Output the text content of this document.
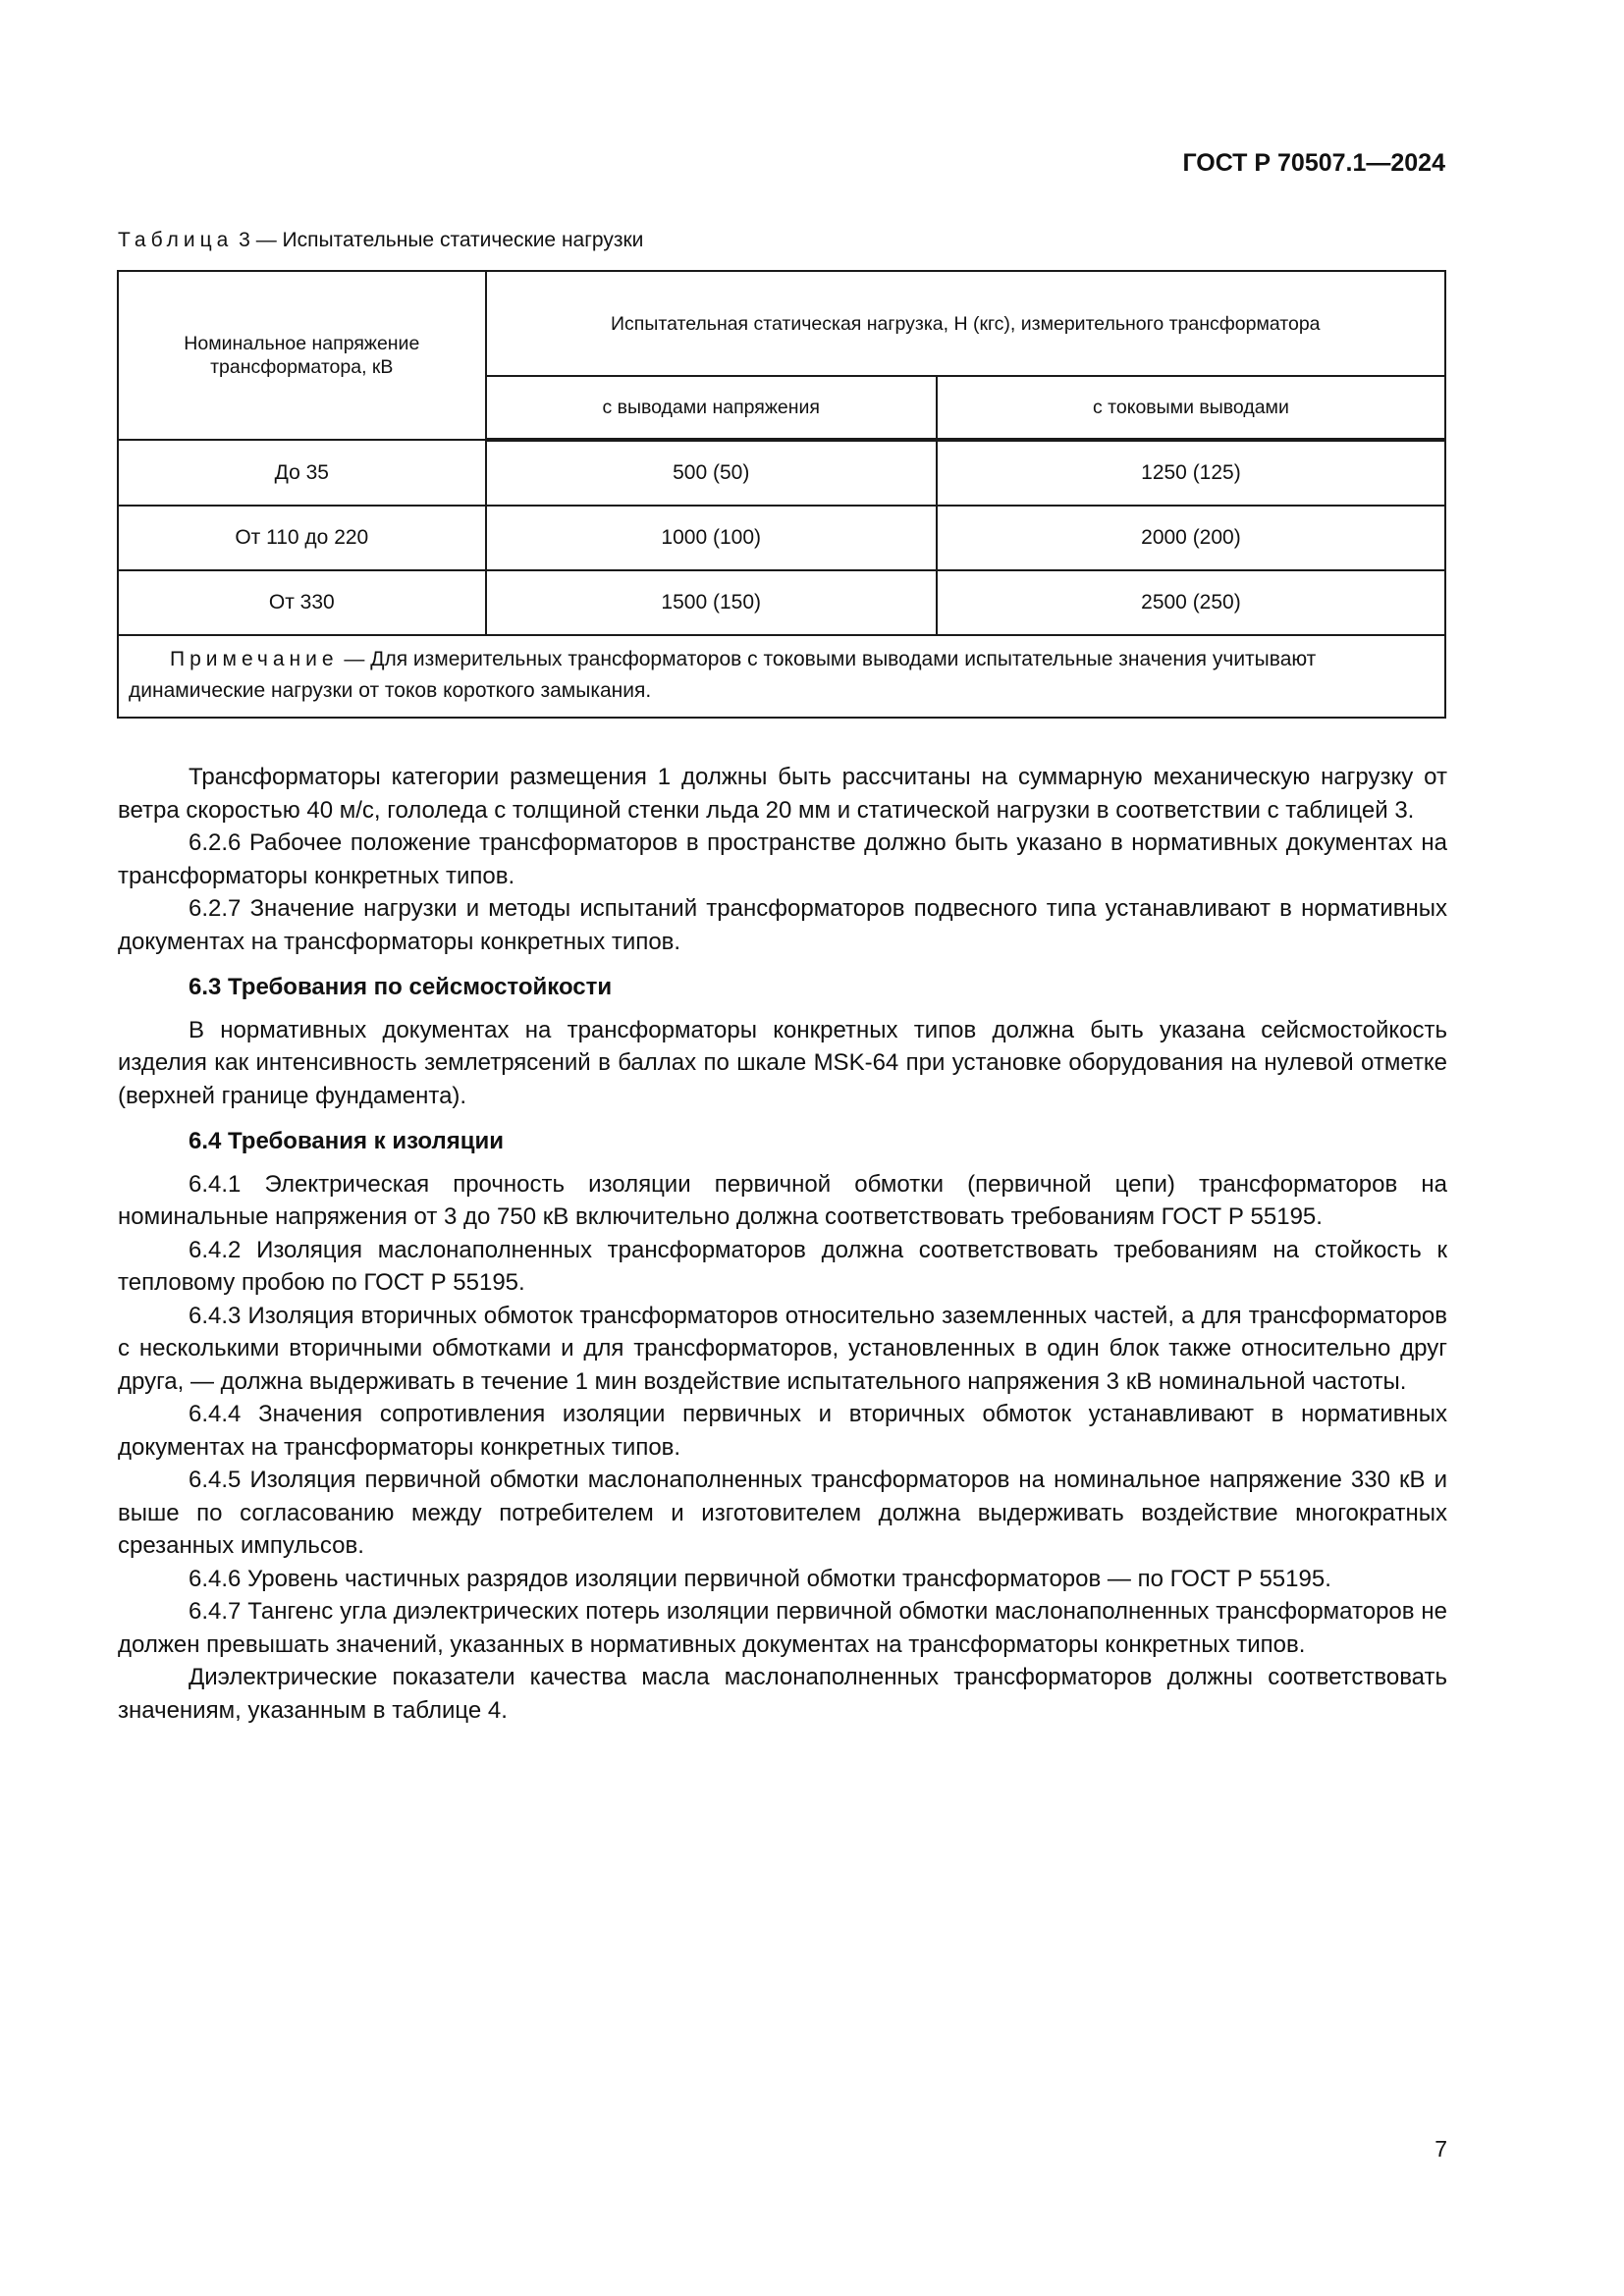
ГОСТ Р 70507.1—2024
Таблица 3 — Испытательные статические нагрузки
Номинальное напряжение трансформатора, кВ	Испытательная статическая нагрузка, Н (кгс), измерительного трансформатора	
	с выводами напряжения	с токовыми выводами
До 35	500 (50)	1250 (125)
От 110 до 220	1000 (100)	2000 (200)
От 330	1500 (150)	2500 (250)
Примечание — Для измерительных трансформаторов с токовыми выводами испытательные значения учитывают динамические нагрузки от токов короткого замыкания.		

Трансформаторы категории размещения 1 должны быть рассчитаны на суммарную механическую нагрузку от ветра скоростью 40 м/с, гололеда с толщиной стенки льда 20 мм и статической нагрузки в соответствии с таблицей 3.

6.2.6 Рабочее положение трансформаторов в пространстве должно быть указано в нормативных документах на трансформаторы конкретных типов.

6.2.7 Значение нагрузки и методы испытаний трансформаторов подвесного типа устанавливают в нормативных документах на трансформаторы конкретных типов.

6.3 Требования по сейсмостойкости

В нормативных документах на трансформаторы конкретных типов должна быть указана сейсмостойкость изделия как интенсивность землетрясений в баллах по шкале MSK-64 при установке оборудования на нулевой отметке (верхней границе фундамента).

6.4 Требования к изоляции

6.4.1 Электрическая прочность изоляции первичной обмотки (первичной цепи) трансформаторов на номинальные напряжения от 3 до 750 кВ включительно должна соответствовать требованиям ГОСТ Р 55195.

6.4.2 Изоляция маслонаполненных трансформаторов должна соответствовать требованиям на стойкость к тепловому пробою по ГОСТ Р 55195.

6.4.3 Изоляция вторичных обмоток трансформаторов относительно заземленных частей, а для трансформаторов с несколькими вторичными обмотками и для трансформаторов, установленных в один блок также относительно друг друга, — должна выдерживать в течение 1 мин воздействие испытательного напряжения 3 кВ номинальной частоты.

6.4.4 Значения сопротивления изоляции первичных и вторичных обмоток устанавливают в нормативных документах на трансформаторы конкретных типов.

6.4.5 Изоляция первичной обмотки маслонаполненных трансформаторов на номинальное напряжение 330 кВ и выше по согласованию между потребителем и изготовителем должна выдерживать воздействие многократных срезанных импульсов.

6.4.6 Уровень частичных разрядов изоляции первичной обмотки трансформаторов — по ГОСТ Р 55195.

6.4.7 Тангенс угла диэлектрических потерь изоляции первичной обмотки маслонаполненных трансформаторов не должен превышать значений, указанных в нормативных документах на трансформаторы конкретных типов.

Диэлектрические показатели качества масла маслонаполненных трансформаторов должны соответствовать значениям, указанным в таблице 4.

7
